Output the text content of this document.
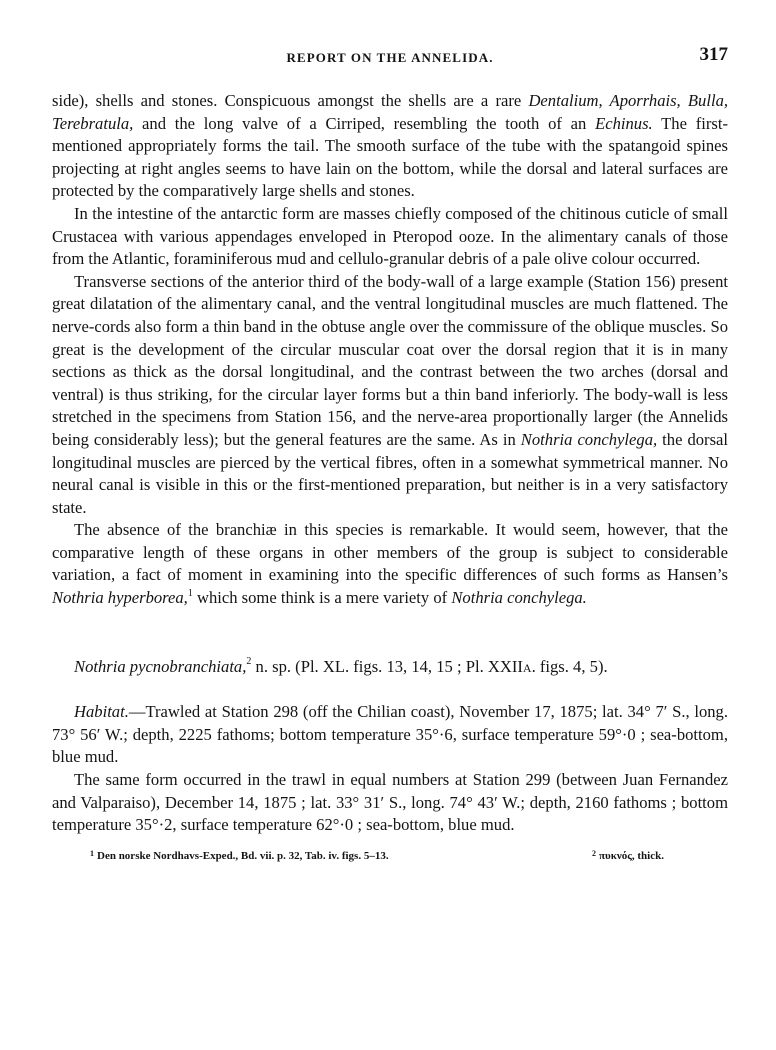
REPORT ON THE ANNELIDA.	317

side), shells and stones. Conspicuous amongst the shells are a rare Dentalium, Aporrhais, Bulla, Terebratula, and the long valve of a Cirriped, resembling the tooth of an Echinus. The first-mentioned appropriately forms the tail. The smooth surface of the tube with the spatangoid spines projecting at right angles seems to have lain on the bottom, while the dorsal and lateral surfaces are protected by the comparatively large shells and stones.

In the intestine of the antarctic form are masses chiefly composed of the chitinous cuticle of small Crustacea with various appendages enveloped in Pteropod ooze. In the alimentary canals of those from the Atlantic, foraminiferous mud and cellulo-granular debris of a pale olive colour occurred.

Transverse sections of the anterior third of the body-wall of a large example (Station 156) present great dilatation of the alimentary canal, and the ventral longitudinal muscles are much flattened. The nerve-cords also form a thin band in the obtuse angle over the commissure of the oblique muscles. So great is the development of the circular muscular coat over the dorsal region that it is in many sections as thick as the dorsal longitudinal, and the contrast between the two arches (dorsal and ventral) is thus striking, for the circular layer forms but a thin band inferiorly. The body-wall is less stretched in the specimens from Station 156, and the nerve-area proportionally larger (the Annelids being considerably less); but the general features are the same. As in Nothria conchylega, the dorsal longitudinal muscles are pierced by the vertical fibres, often in a somewhat symmetrical manner. No neural canal is visible in this or the first-mentioned preparation, but neither is in a very satisfactory state.

The absence of the branchiæ in this species is remarkable. It would seem, however, that the comparative length of these organs in other members of the group is subject to considerable variation, a fact of moment in examining into the specific differences of such forms as Hansen’s Nothria hyperborea,$^1$ which some think is a mere variety of Nothria conchylega.

Nothria pycnobranchiata,$^2$ n. sp. (Pl. XL. figs. 13, 14, 15 ; Pl. XXIIa. figs. 4, 5).

Habitat.—Trawled at Station 298 (off the Chilian coast), November 17, 1875; lat. 34° 7′ S., long. 73° 56′ W.; depth, 2225 fathoms; bottom temperature 35°·6, surface temperature 59°·0 ; sea-bottom, blue mud.

The same form occurred in the trawl in equal numbers at Station 299 (between Juan Fernandez and Valparaiso), December 14, 1875 ; lat. 33° 31′ S., long. 74° 43′ W.; depth, 2160 fathoms ; bottom temperature 35°·2, surface temperature 62°·0 ; sea-bottom, blue mud.

$^1$ Den norske Nordhavs-Exped., Bd. vii. p. 32, Tab. iv. figs. 5–13.	$^2$ πυκνός, thick.
